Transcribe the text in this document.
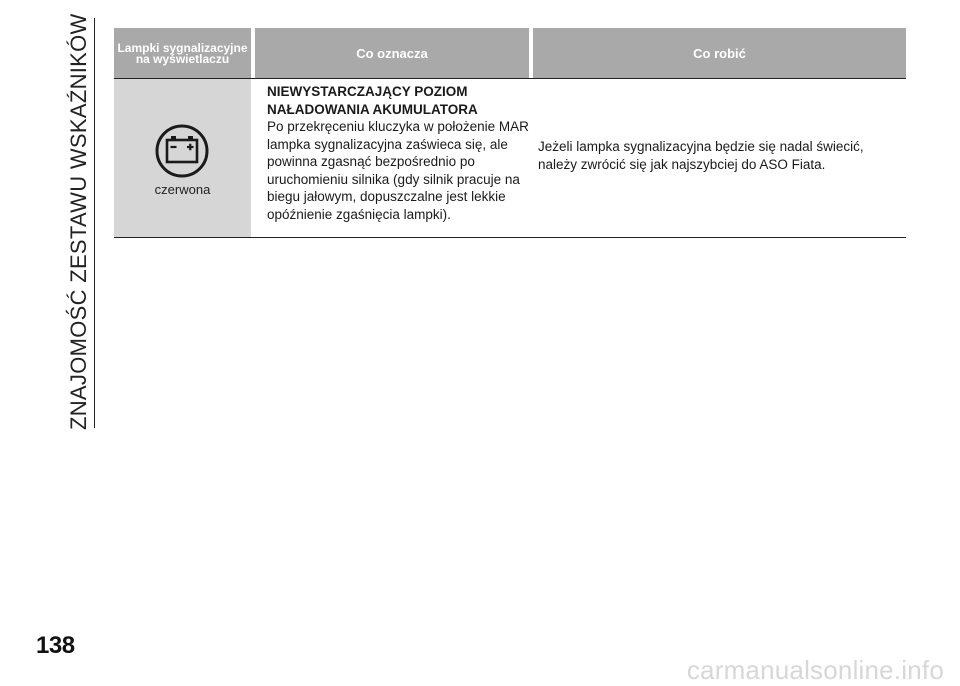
ZNAJOMOŚĆ ZESTAWU WSKAŹNIKÓW Lampki sygnalizacyjne na wyświetlaczu	Co oznacza	Co robić
czerwona
NIEWYSTARCZAJĄCY POZIOM NAŁADOWANIA AKUMULATORA
Po przekręceniu kluczyka w położenie MAR lampka sygnalizacyjna zaświeca się, ale powinna zgasnąć bezpośrednio po uruchomieniu silnika (gdy silnik pracuje na biegu jałowym, dopuszczalne jest lekkie opóźnienie zgaśnięcia lampki).
Jeżeli lampka sygnalizacyjna będzie się nadal świecić, należy zwrócić się jak najszybciej do ASO Fiata.
138
carmanualsonline.info
